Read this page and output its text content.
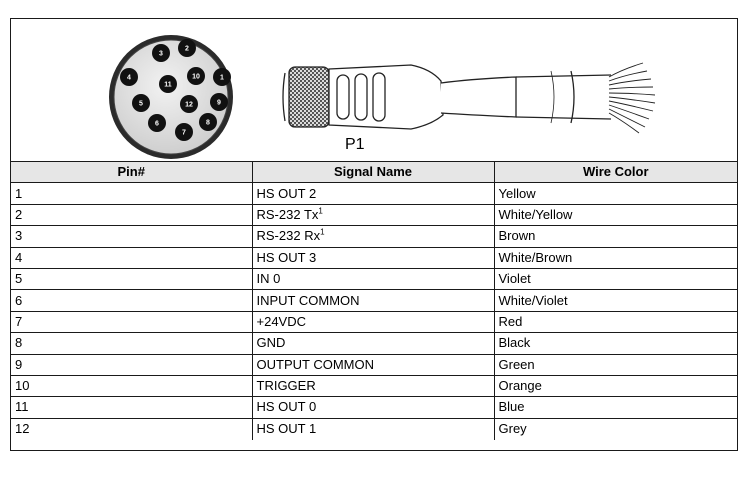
1
2
3
4
5
6
7
8
9
10
11
12
P1
Pin#	Signal Name	Wire Color
1	HS OUT 2	Yellow
2	RS-232 Tx$^1$	White/Yellow
3	RS-232 Rx$^1$	Brown
4	HS OUT 3	White/Brown
5	IN 0	Violet
6	INPUT COMMON	White/Violet
7	+24VDC	Red
8	GND	Black
9	OUTPUT COMMON	Green
10	TRIGGER	Orange
11	HS OUT 0	Blue
12	HS OUT 1	Grey
